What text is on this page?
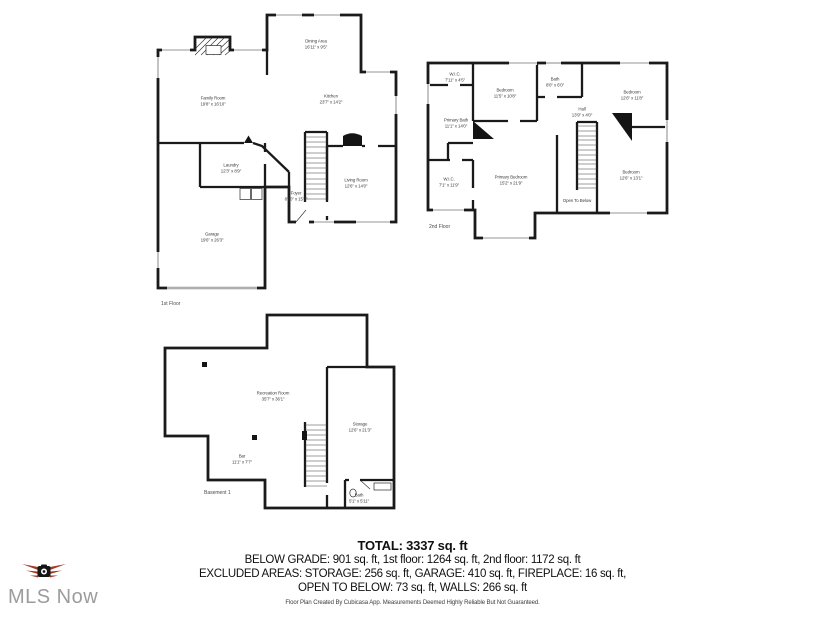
Dining Area
16'11" x 9'5"
Family Room
19'8" x 16'10"
Kitchen
23'7" x 14'2"
Laundry
12'3" x 8'9"
Foyer
8'10" x 15'3"
Living Room
12'6" x 14'0"
Garage
19'6" x 26'3"
1st Floor
W.I.C.
7'11" x 4'5"
Bedroom
11'5" x 10'8"
Bath
8'0" x 6'0"
Hall
13'9" x 4'0"
Bedroom
12'6" x 11'8"
Primary Bath
11'1" x 14'0"
W.I.C.
7'1" x 11'9"
Primary Bedroom
15'2" x 21'9"
Open To Below
Bedroom
12'6" x 13'1"
2nd Floor
Recreation Room
35'7" x 36'1"
Storage
12'6" x 21'3"
Bar
11'1" x 7'7"
Bath
5'1" x 5'11"
Basement 1
TOTAL: 3337 sq. ft
BELOW GRADE: 901 sq. ft, 1st floor: 1264 sq. ft, 2nd floor: 1172 sq. ft
EXCLUDED AREAS: STORAGE: 256 sq. ft, GARAGE: 410 sq. ft, FIREPLACE: 16 sq. ft,
OPEN TO BELOW: 73 sq. ft, WALLS: 266 sq. ft
Floor Plan Created By Cubicasa App. Measurements Deemed Highly Reliable But Not Guaranteed.
MLS Now
